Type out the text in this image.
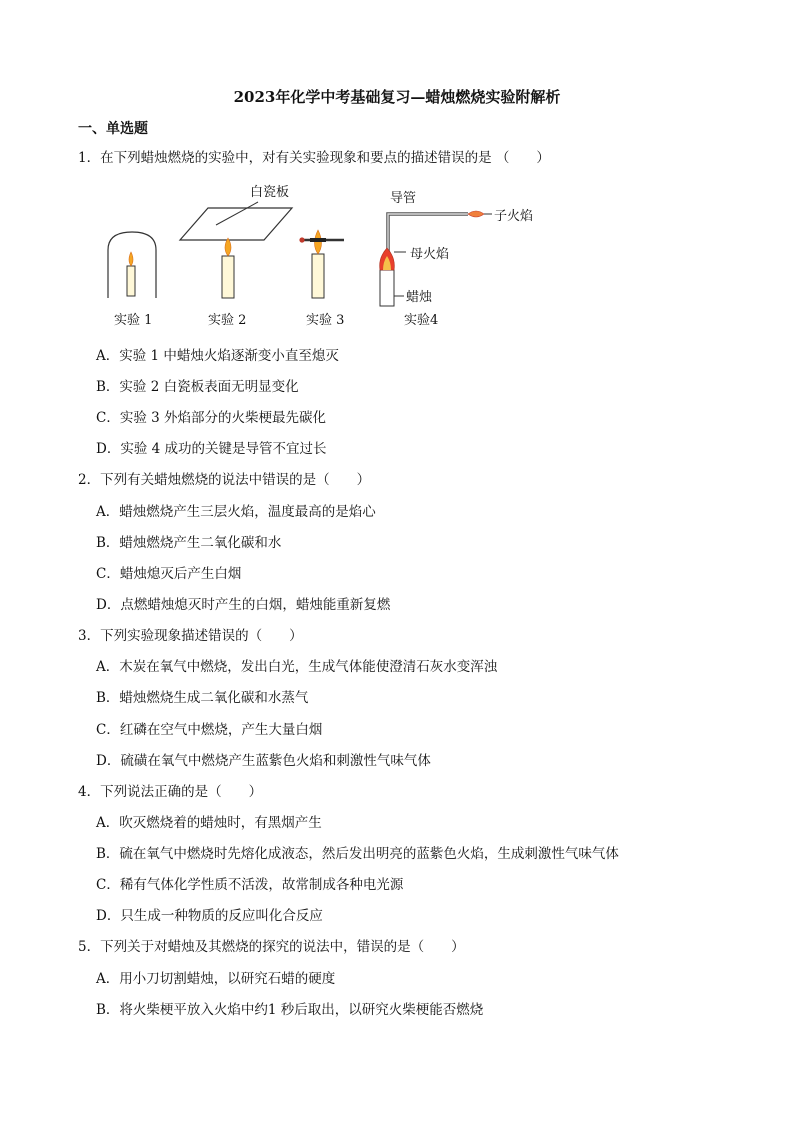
2023年化学中考基础复习—蜡烛燃烧实验附解析
一、单选题
1．在下列蜡烛燃烧的实验中，对有关实验现象和要点的描述错误的是 （　　）
白瓷板	导管
子火焰
母火焰
蜡烛
实验 1	实验 2	实验 3	实验4
A．实验 1 中蜡烛火焰逐渐变小直至熄灭
B．实验 2 白瓷板表面无明显变化
C．实验 3 外焰部分的火柴梗最先碳化
D．实验 4 成功的关键是导管不宜过长
2．下列有关蜡烛燃烧的说法中错误的是（　　）
A．蜡烛燃烧产生三层火焰，温度最高的是焰心
B．蜡烛燃烧产生二氧化碳和水
C．蜡烛熄灭后产生白烟
D．点燃蜡烛熄灭时产生的白烟，蜡烛能重新复燃
3．下列实验现象描述错误的（　　）
A．木炭在氧气中燃烧，发出白光，生成气体能使澄清石灰水变浑浊
B．蜡烛燃烧生成二氧化碳和水蒸气
C．红磷在空气中燃烧，产生大量白烟
D．硫磺在氧气中燃烧产生蓝紫色火焰和刺激性气味气体
4．下列说法正确的是（　　）
A．吹灭燃烧着的蜡烛时，有黑烟产生
B．硫在氧气中燃烧时先熔化成液态，然后发出明亮的蓝紫色火焰，生成刺激性气味气体
C．稀有气体化学性质不活泼，故常制成各种电光源
D．只生成一种物质的反应叫化合反应
5．下列关于对蜡烛及其燃烧的探究的说法中，错误的是（　　）
A．用小刀切割蜡烛，以研究石蜡的硬度
B．将火柴梗平放入火焰中约1 秒后取出，以研究火柴梗能否燃烧
